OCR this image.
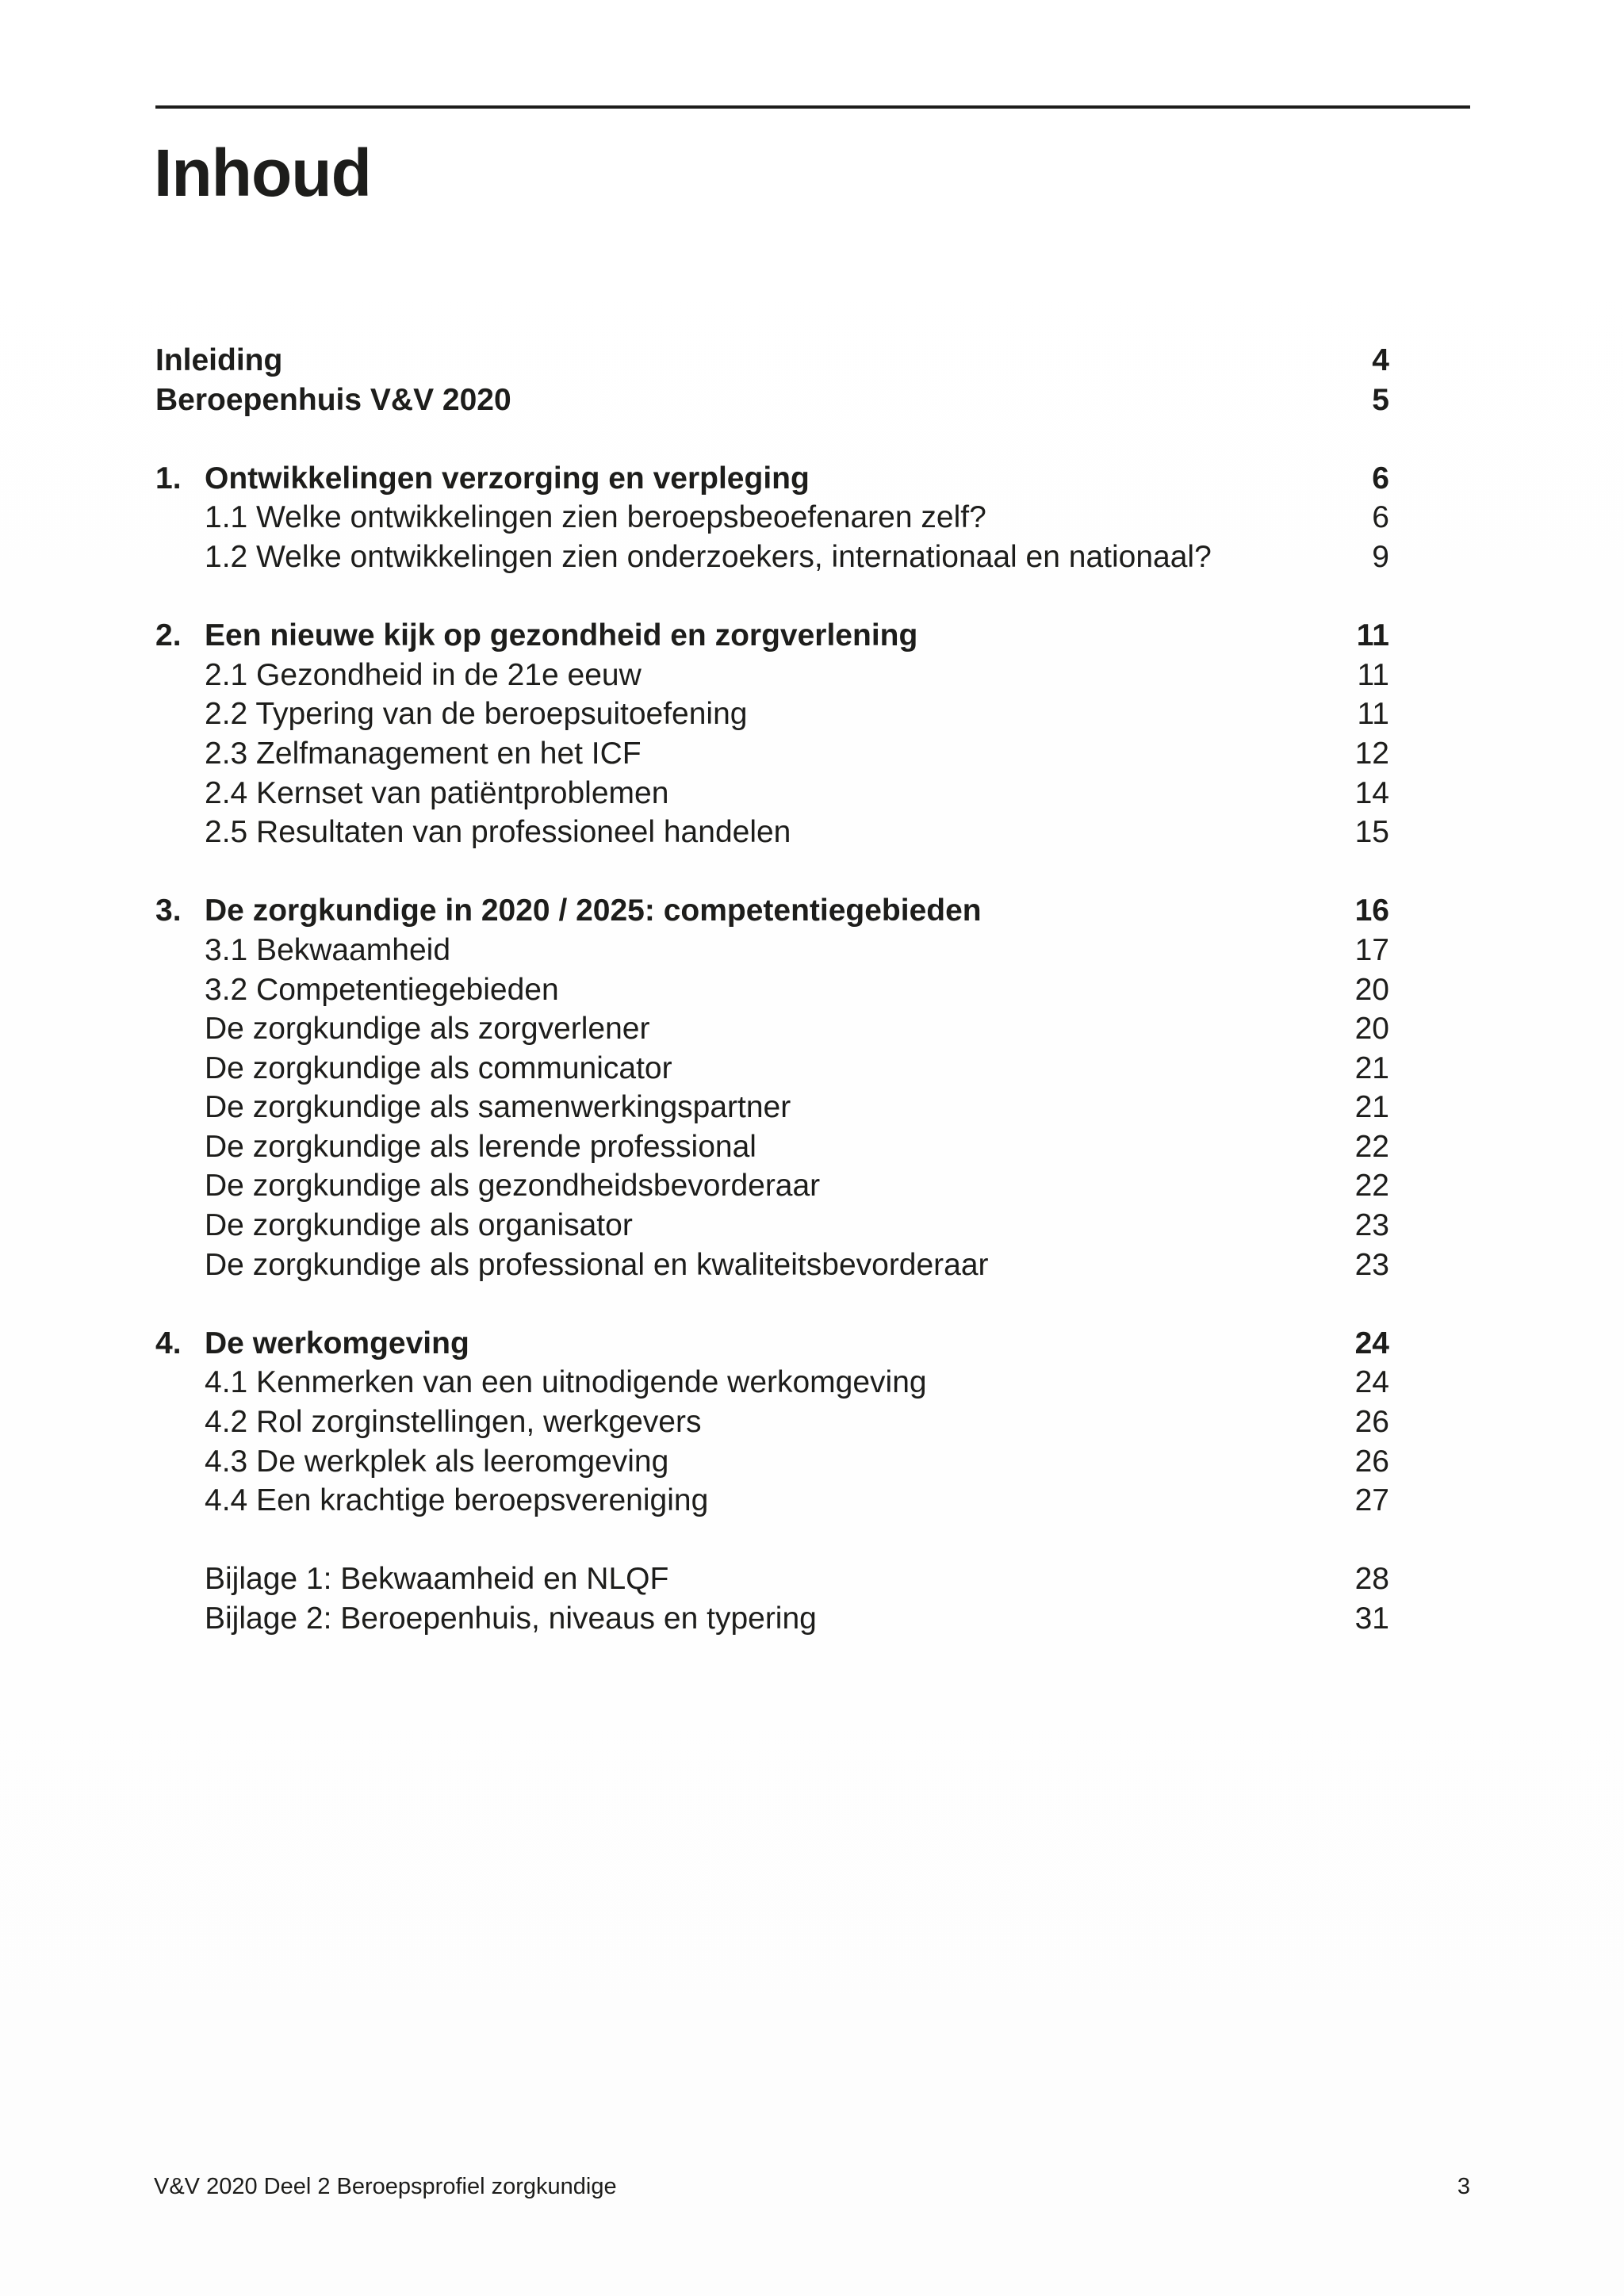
Inhoud
Inleiding	4
Beroepenhuis V&V 2020	5
1. Ontwikkelingen verzorging en verpleging	6
1.1 Welke ontwikkelingen zien beroepsbeoefenaren zelf?	6
1.2 Welke ontwikkelingen zien onderzoekers, internationaal en nationaal?	9
2. Een nieuwe kijk op gezondheid en zorgverlening	11
2.1 Gezondheid in de 21e eeuw	11
2.2 Typering van de beroepsuitoefening	11
2.3 Zelfmanagement en het ICF	12
2.4 Kernset van patiëntproblemen	14
2.5 Resultaten van professioneel handelen	15
3. De zorgkundige in 2020 / 2025: competentiegebieden	16
3.1 Bekwaamheid	17
3.2 Competentiegebieden	20
De zorgkundige als zorgverlener	20
De zorgkundige als communicator	21
De zorgkundige als samenwerkingspartner	21
De zorgkundige als lerende professional	22
De zorgkundige als gezondheidsbevorderaar	22
De zorgkundige als organisator	23
De zorgkundige als professional en kwaliteitsbevorderaar	23
4. De werkomgeving	24
4.1 Kenmerken van een uitnodigende werkomgeving	24
4.2 Rol zorginstellingen, werkgevers	26
4.3 De werkplek als leeromgeving	26
4.4 Een krachtige beroepsvereniging	27
Bijlage 1: Bekwaamheid en NLQF	28
Bijlage 2: Beroepenhuis, niveaus en typering	31
V&V 2020 Deel 2 Beroepsprofiel zorgkundige	3
